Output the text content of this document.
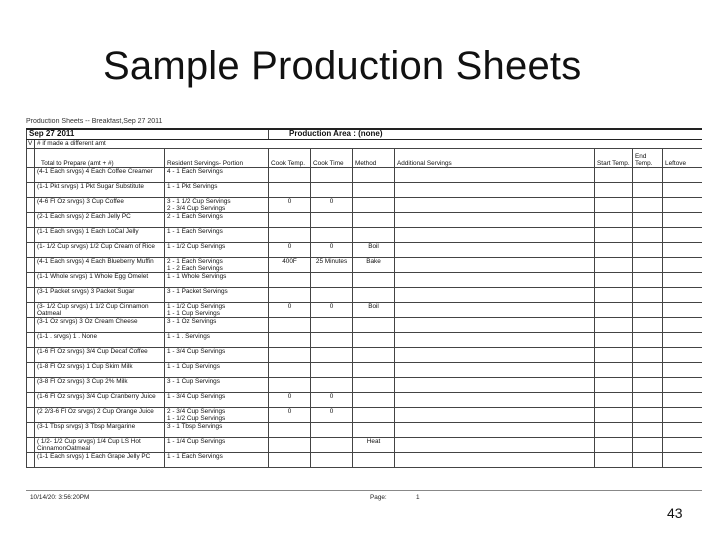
Sample Production Sheets
Production Sheets -- Breakfast,Sep 27 2011
Sep 27 2011			Production Area : (none)						
V	# if made a different amt								
	Total to Prepare (amt + #)	Resident Servings- Portion	Cook Temp.	Cook Time	Method	Additional Servings	Start Temp.	End Temp.	Leftove
	(4-1 Each srvgs) 4 Each Coffee Creamer	4 - 1 Each Servings							
	(1-1 Pkt srvgs) 1 Pkt Sugar Substitute	1 - 1 Pkt Servings							
	(4-6 Fl Oz srvgs) 3 Cup Coffee	3 - 1 1/2 Cup Servings
2 - 3/4 Cup Servings	0	0					
	(2-1 Each srvgs) 2 Each Jelly PC	2 - 1 Each Servings							
	(1-1 Each srvgs) 1 Each LoCal Jelly	1 - 1 Each Servings							
	(1- 1/2 Cup srvgs) 1/2 Cup Cream of Rice	1 - 1/2 Cup Servings	0	0	Boil				
	(4-1 Each srvgs) 4 Each Blueberry Muffin	2 - 1 Each Servings
1 - 2 Each Servings	400F	25 Minutes	Bake				
	(1-1 Whole srvgs) 1 Whole Egg Omelet	1 - 1 Whole Servings							
	(3-1 Packet srvgs) 3 Packet Sugar	3 - 1 Packet Servings							
	(3- 1/2 Cup srvgs) 1 1/2 Cup Cinnamon Oatmeal	1 - 1/2 Cup Servings
1 - 1 Cup Servings	0	0	Boil				
	(3-1 Oz srvgs) 3 Oz Cream Cheese	3 - 1 Oz Servings							
	(1-1 . srvgs) 1 . None	1 - 1 . Servings							
	(1-6 Fl Oz srvgs) 3/4 Cup Decaf Coffee	1 - 3/4 Cup Servings							
	(1-8 Fl Oz srvgs) 1 Cup Skim Milk	1 - 1 Cup Servings							
	(3-8 Fl Oz srvgs) 3 Cup 2% Milk	3 - 1 Cup Servings							
	(1-6 Fl Oz srvgs) 3/4 Cup Cranberry Juice	1 - 3/4 Cup Servings	0	0					
	(2 2/3-6 Fl Oz srvgs) 2 Cup Orange Juice	2 - 3/4 Cup Servings
1 - 1/2 Cup Servings	0	0					
	(3-1 Tbsp srvgs) 3 Tbsp Margarine	3 - 1 Tbsp Servings							
	( 1/2- 1/2 Cup srvgs) 1/4 Cup LS Hot CinnamonOatmeal	1 - 1/4 Cup Servings			Heat				
	(1-1 Each srvgs) 1 Each Grape Jelly PC	1 - 1 Each Servings							
10/14/20: 3:56:20PM	Page:	1
43
